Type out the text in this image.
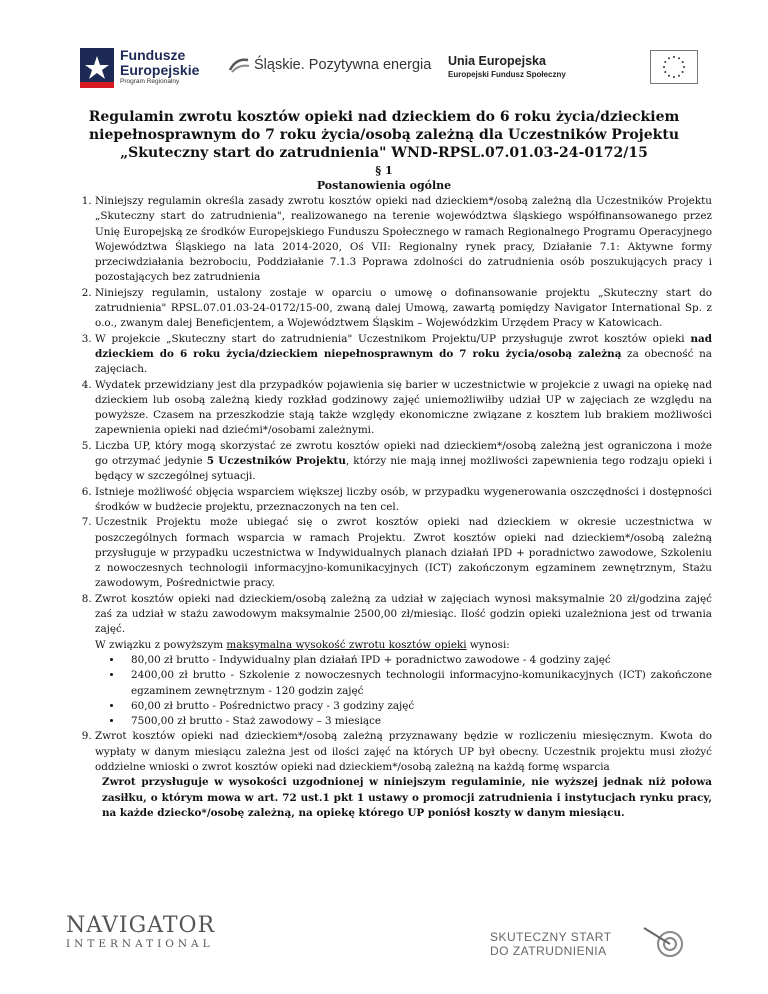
Fundusze
Europejskie
Program Regionalny
Śląskie. Pozytywna energia Unia Europejska
Europejski Fundusz Społeczny
Regulamin zwrotu kosztów opieki nad dzieckiem do 6 roku życia/dzieckiem
niepełnosprawnym do 7 roku życia/osobą zależną dla Uczestników Projektu
„Skuteczny start do zatrudnienia" WND-RPSL.07.01.03-24-0172/15
§ 1
Postanowienia ogólne
1. Niniejszy regulamin określa zasady zwrotu kosztów opieki nad dzieckiem*/osobą zależną dla Uczestników Projektu „Skuteczny start do zatrudnienia", realizowanego na terenie województwa śląskiego współfinansowanego przez Unię Europejską ze środków Europejskiego Funduszu Społecznego w ramach Regionalnego Programu Operacyjnego Województwa Śląskiego na lata 2014-2020, Oś VII: Regionalny rynek pracy, Działanie 7.1: Aktywne formy przeciwdziałania bezrobociu, Poddziałanie 7.1.3 Poprawa zdolności do zatrudnienia osób poszukujących pracy i pozostających bez zatrudnienia
2. Niniejszy regulamin, ustalony zostaje w oparciu o umowę o dofinansowanie projektu „Skuteczny start do zatrudnienia" RPSL.07.01.03-24-0172/15-00, zwaną dalej Umową, zawartą pomiędzy Navigator International Sp. z o.o., zwanym dalej Beneficjentem, a Województwem Śląskim – Wojewódzkim Urzędem Pracy w Katowicach.
3. W projekcie „Skuteczny start do zatrudnienia" Uczestnikom Projektu/UP przysługuje zwrot kosztów opieki nad dzieckiem do 6 roku życia/dzieckiem niepełnosprawnym do 7 roku życia/osobą zależną za obecność na zajęciach.
4. Wydatek przewidziany jest dla przypadków pojawienia się barier w uczestnictwie w projekcie z uwagi na opiekę nad dzieckiem lub osobą zależną kiedy rozkład godzinowy zajęć uniemożliwiłby udział UP w zajęciach ze względu na powyższe. Czasem na przeszkodzie stają także względy ekonomiczne związane z kosztem lub brakiem możliwości zapewnienia opieki nad dziećmi*/osobami zależnymi.
5. Liczba UP, który mogą skorzystać ze zwrotu kosztów opieki nad dzieckiem*/osobą zależną jest ograniczona i może go otrzymać jedynie 5 Uczestników Projektu, którzy nie mają innej możliwości zapewnienia tego rodzaju opieki i będący w szczególnej sytuacji.
6. Istnieje możliwość objęcia wsparciem większej liczby osób, w przypadku wygenerowania oszczędności i dostępności środków w budżecie projektu, przeznaczonych na ten cel.
7. Uczestnik Projektu może ubiegać się o zwrot kosztów opieki nad dzieckiem w okresie uczestnictwa w poszczególnych formach wsparcia w ramach Projektu. Zwrot kosztów opieki nad dzieckiem*/osobą zależną przysługuje w przypadku uczestnictwa w Indywidualnych planach działań IPD + poradnictwo zawodowe, Szkoleniu z nowoczesnych technologii informacyjno-komunikacyjnych (ICT) zakończonym egzaminem zewnętrznym, Stażu zawodowym, Pośrednictwie pracy.
8. Zwrot kosztów opieki nad dzieckiem/osobą zależną za udział w zajęciach wynosi maksymalnie 20 zł/godzina zajęć zaś za udział w stażu zawodowym maksymalnie 2500,00 zł/miesiąc. Ilość godzin opieki uzależniona jest od trwania zajęć.
W związku z powyższym maksymalna wysokość zwrotu kosztów opieki wynosi:
• 80,00 zł brutto - Indywidualny plan działań IPD + poradnictwo zawodowe - 4 godziny zajęć
• 2400,00 zł brutto - Szkolenie z nowoczesnych technologii informacyjno-komunikacyjnych (ICT) zakończone egzaminem zewnętrznym - 120 godzin zajęć
• 60,00 zł brutto - Pośrednictwo pracy - 3 godziny zajęć
• 7500,00 zł brutto - Staż zawodowy – 3 miesiące
9. Zwrot kosztów opieki nad dzieckiem*/osobą zależną przyznawany będzie w rozliczeniu miesięcznym. Kwota do wypłaty w danym miesiącu zależna jest od ilości zajęć na których UP był obecny. Uczestnik projektu musi złożyć oddzielne wnioski o zwrot kosztów opieki nad dzieckiem*/osobą zależną na każdą formę wsparcia
Zwrot przysługuje w wysokości uzgodnionej w niniejszym regulaminie, nie wyższej jednak niż połowa zasiłku, o którym mowa w art. 72 ust.1 pkt 1 ustawy o promocji zatrudnienia i instytucjach rynku pracy, na każde dziecko*/osobę zależną, na opiekę którego UP poniósł koszty w danym miesiącu.
NAVIGATOR
INTERNATIONAL	SKUTECZNY START
DO ZATRUDNIENIA
